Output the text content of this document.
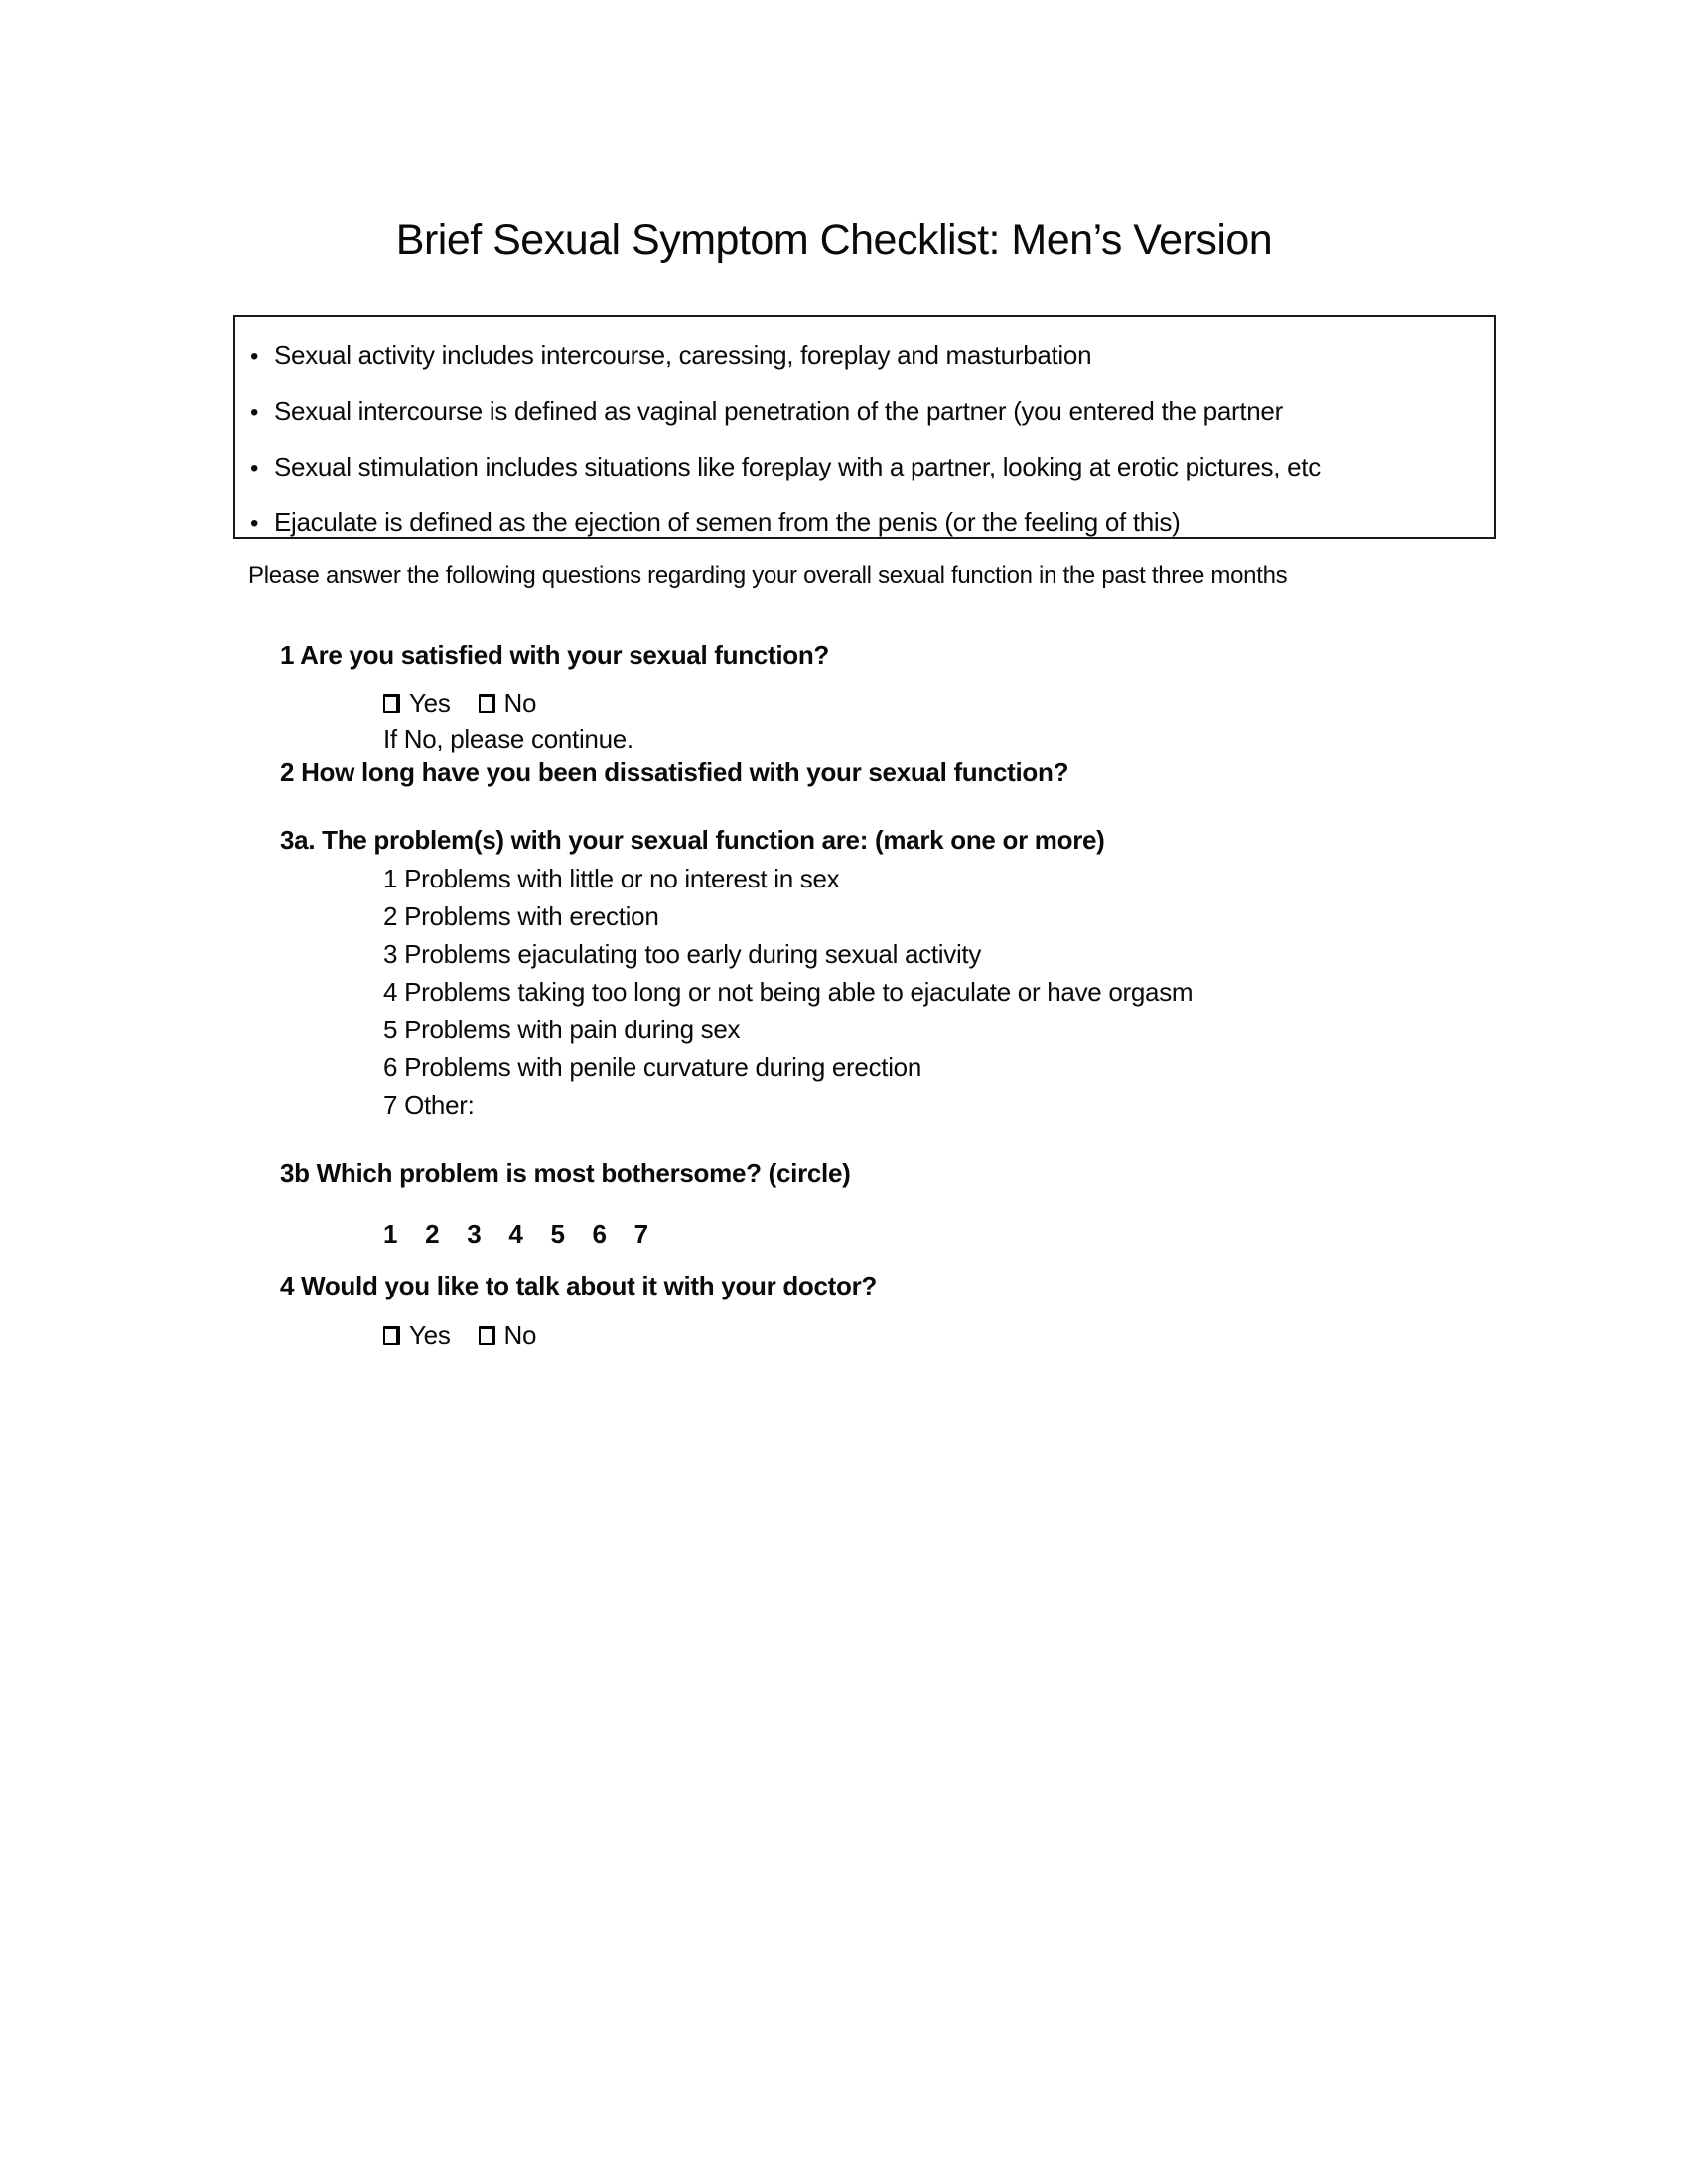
Brief Sexual Symptom Checklist: Men’s Version
• Sexual activity includes intercourse, caressing, foreplay and masturbation
• Sexual intercourse is defined as vaginal penetration of the partner (you entered the partner
• Sexual stimulation includes situations like foreplay with a partner, looking at erotic pictures, etc
• Ejaculate is defined as the ejection of semen from the penis (or the feeling of this)
Please answer the following questions regarding your overall sexual function in the past three months
1 Are you satisfied with your sexual function?
Yes No
If No, please continue.
2 How long have you been dissatisfied with your sexual function?
3a. The problem(s) with your sexual function are: (mark one or more)
1 Problems with little or no interest in sex
2 Problems with erection
3 Problems ejaculating too early during sexual activity
4 Problems taking too long or not being able to ejaculate or have orgasm
5 Problems with pain during sex
6 Problems with penile curvature during erection
7 Other:
3b Which problem is most bothersome? (circle)
1 2 3 4 5 6 7
4 Would you like to talk about it with your doctor?
Yes No
